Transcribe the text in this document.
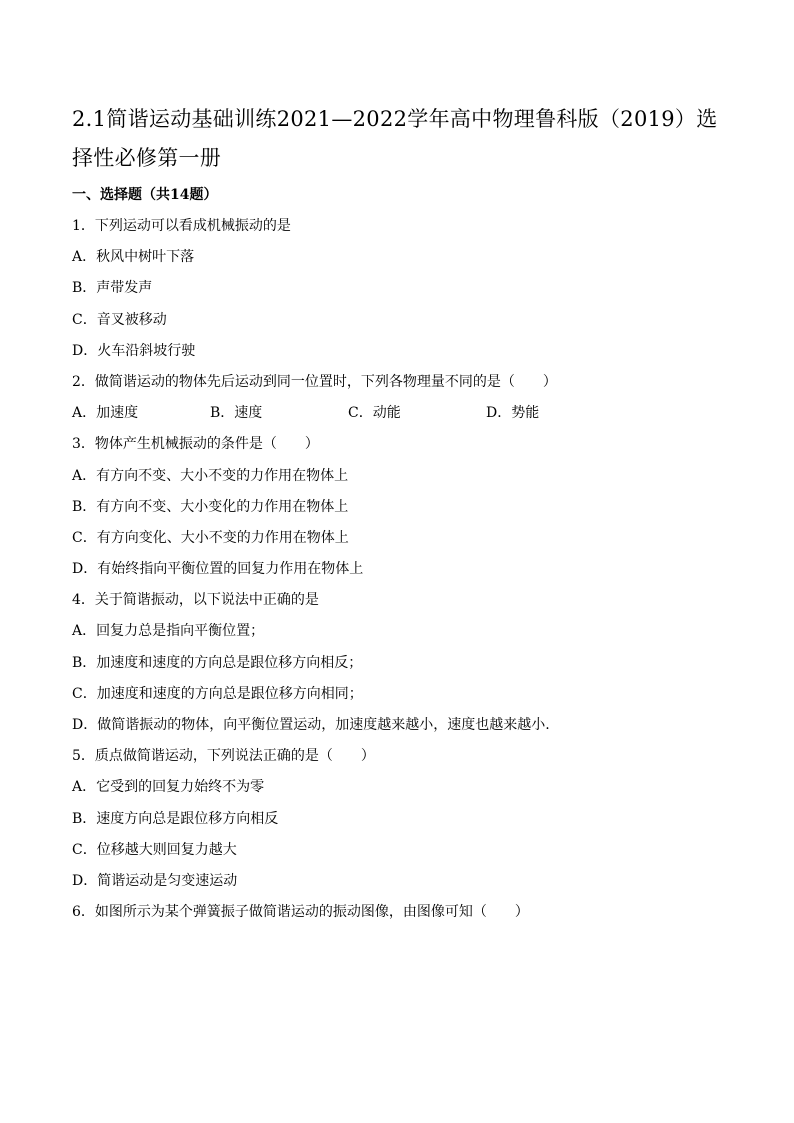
2.1简谐运动基础训练2021—2022学年高中物理鲁科版（2019）选择性必修第一册
一、选择题（共14题）
1．下列运动可以看成机械振动的是
A．秋风中树叶下落
B．声带发声
C．音叉被移动
D．火车沿斜坡行驶
2．做简谐运动的物体先后运动到同一位置时，下列各物理量不同的是（　　）
A．加速度	B．速度	C．动能	D．势能
3．物体产生机械振动的条件是（　　）
A．有方向不变、大小不变的力作用在物体上
B．有方向不变、大小变化的力作用在物体上
C．有方向变化、大小不变的力作用在物体上
D．有始终指向平衡位置的回复力作用在物体上
4．关于简谐振动，以下说法中正确的是
A．回复力总是指向平衡位置；
B．加速度和速度的方向总是跟位移方向相反；
C．加速度和速度的方向总是跟位移方向相同；
D．做简谐振动的物体，向平衡位置运动，加速度越来越小，速度也越来越小.
5．质点做简谐运动，下列说法正确的是（　　）
A．它受到的回复力始终不为零
B．速度方向总是跟位移方向相反
C．位移越大则回复力越大
D．简谐运动是匀变速运动
6．如图所示为某个弹簧振子做简谐运动的振动图像，由图像可知（　　）
